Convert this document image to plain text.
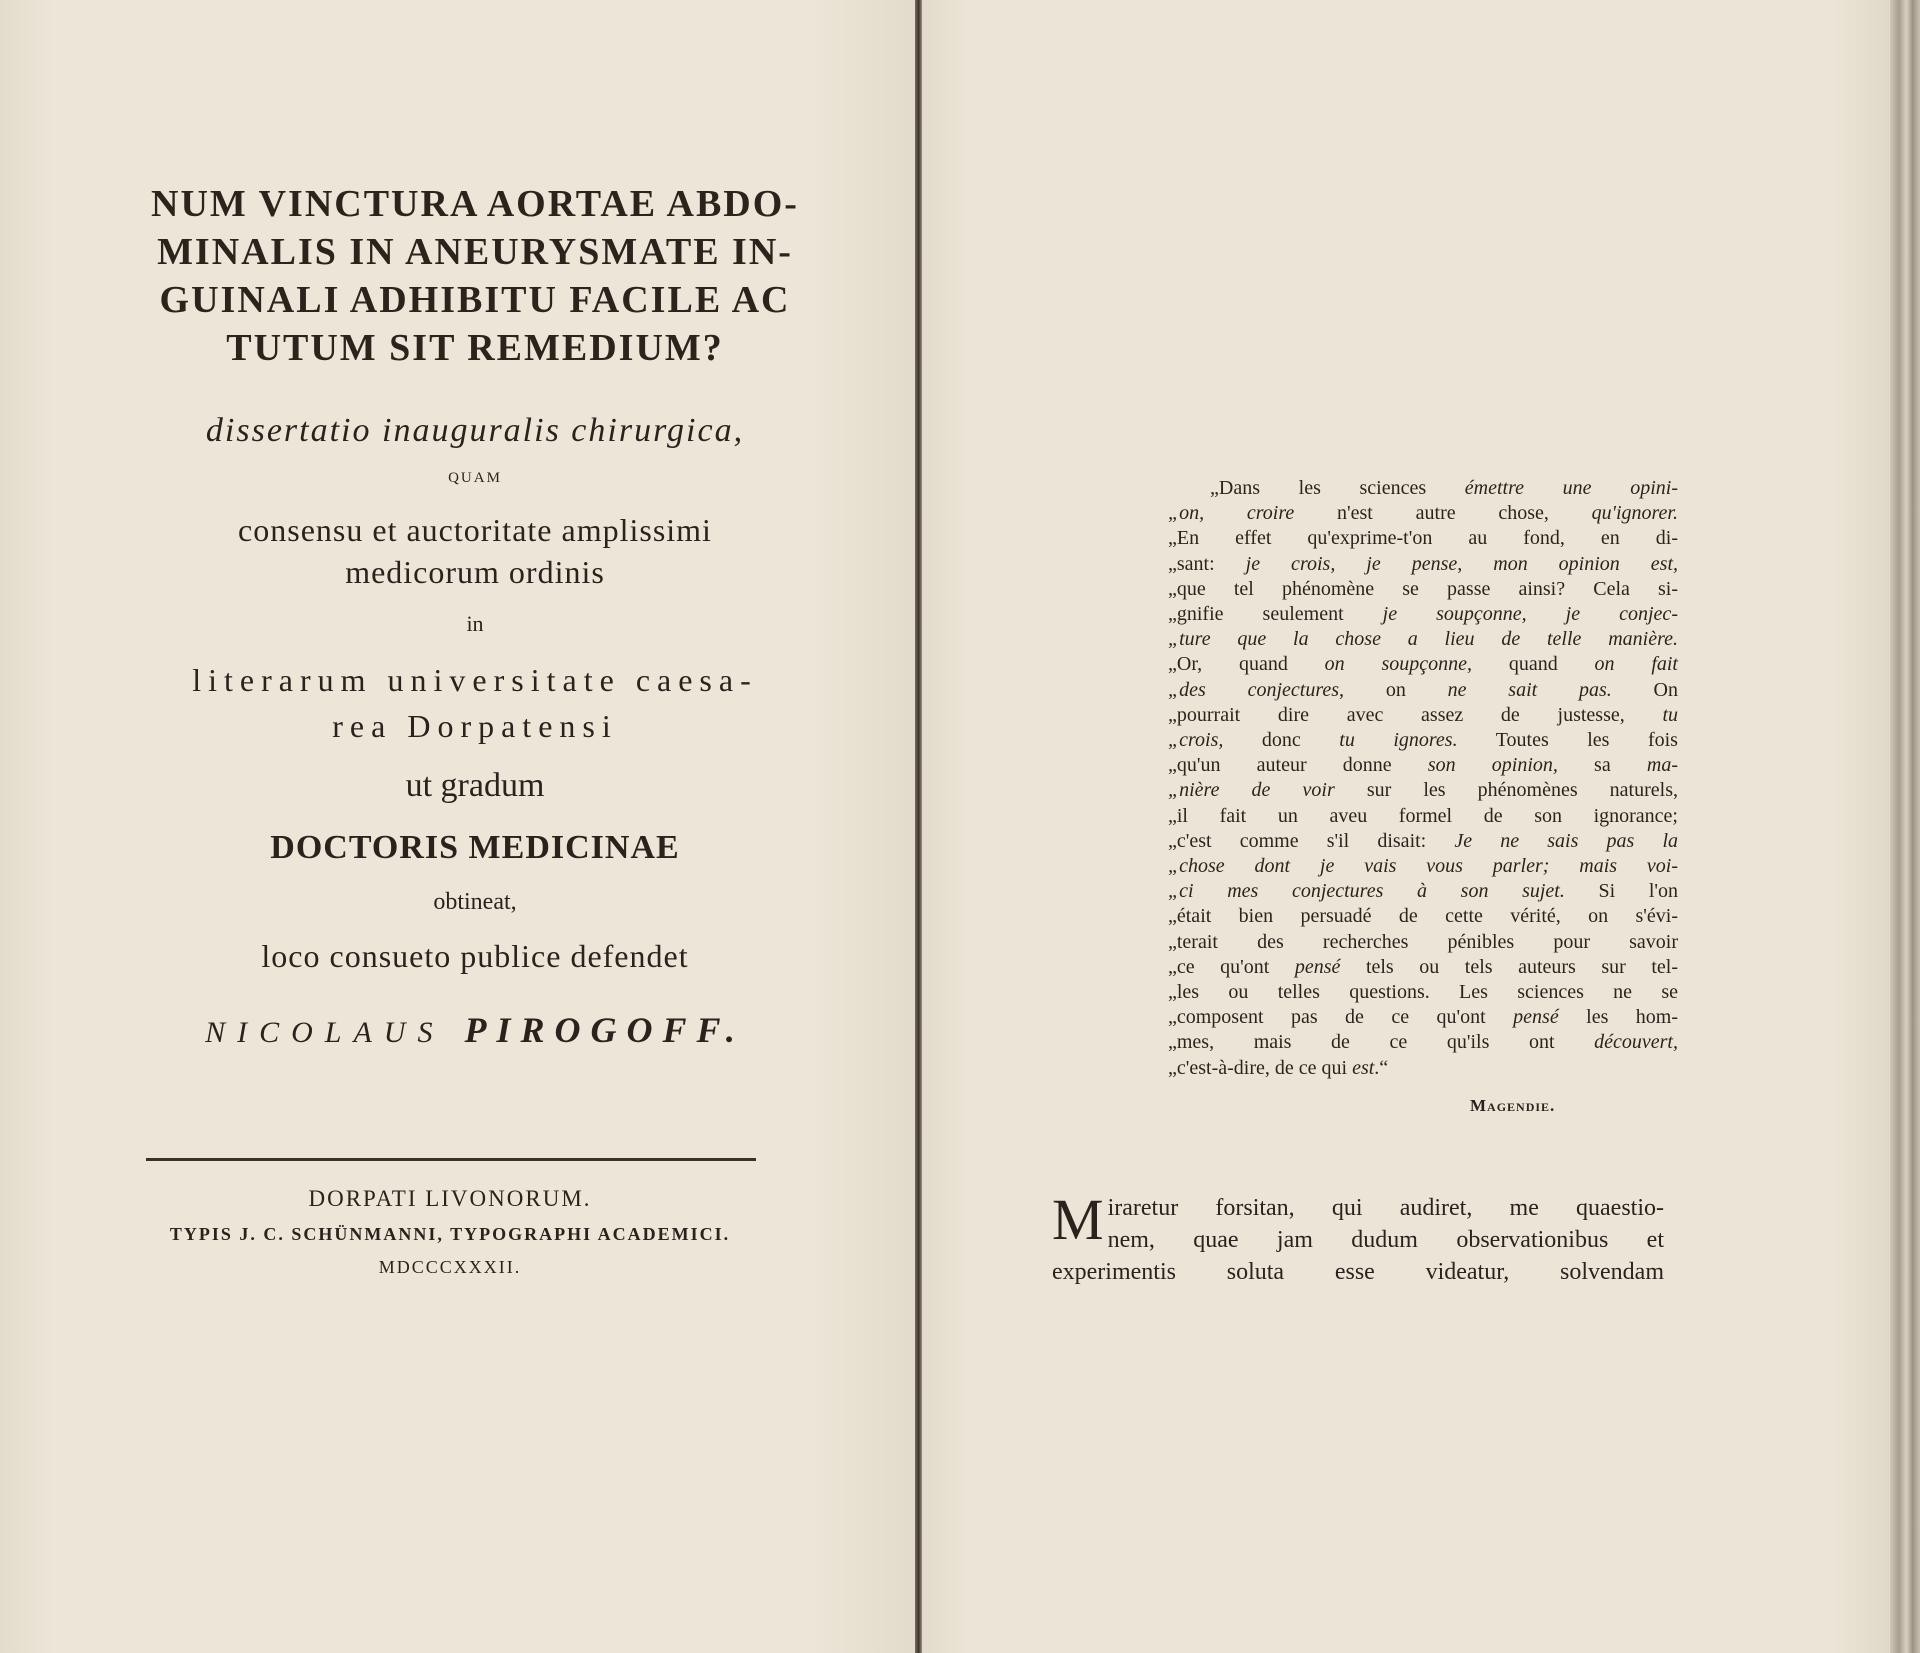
NUM VINCTURA AORTAE ABDO-
MINALIS IN ANEURYSMATE IN-
GUINALI ADHIBITU FACILE AC
TUTUM SIT REMEDIUM?
dissertatio inauguralis chirurgica,
QUAM
consensu et auctoritate amplissimi
medicorum ordinis
in
literarum universitate caesa-
rea Dorpatensi
ut gradum
DOCTORIS MEDICINAE
obtineat,
loco consueto publice defendet
NICOLAUS PIROGOFF.
DORPATI LIVONORUM.
TYPIS J. C. SCHÜNMANNI, TYPOGRAPHI ACADEMICI.
MDCCCXXXII.
„Dans les sciences émettre une opini-
„on, croire n'est autre chose, qu'ignorer.
„En effet qu'exprime-t'on au fond, en di-
„sant: je crois, je pense, mon opinion est,
„que tel phénomène se passe ainsi? Cela si-
„gnifie seulement je soupçonne, je conjec-
„ture que la chose a lieu de telle manière.
„Or, quand on soupçonne, quand on fait
„des conjectures, on ne sait pas. On
„pourrait dire avec assez de justesse, tu
„crois, donc tu ignores. Toutes les fois
„qu'un auteur donne son opinion, sa ma-
„nière de voir sur les phénomènes naturels,
„il fait un aveu formel de son ignorance;
„c'est comme s'il disait: Je ne sais pas la
„chose dont je vais vous parler; mais voi-
„ci mes conjectures à son sujet. Si l'on
„était bien persuadé de cette vérité, on s'évi-
„terait des recherches pénibles pour savoir
„ce qu'ont pensé tels ou tels auteurs sur tel-
„les ou telles questions. Les sciences ne se
„composent pas de ce qu'ont pensé les hom-
„mes, mais de ce qu'ils ont découvert,
„c'est-à-dire, de ce qui est.“
Magendie.
M iraretur forsitan, qui audiret, me quaestio-
nem, quae jam dudum observationibus et
experimentis soluta esse videatur, solvendam
